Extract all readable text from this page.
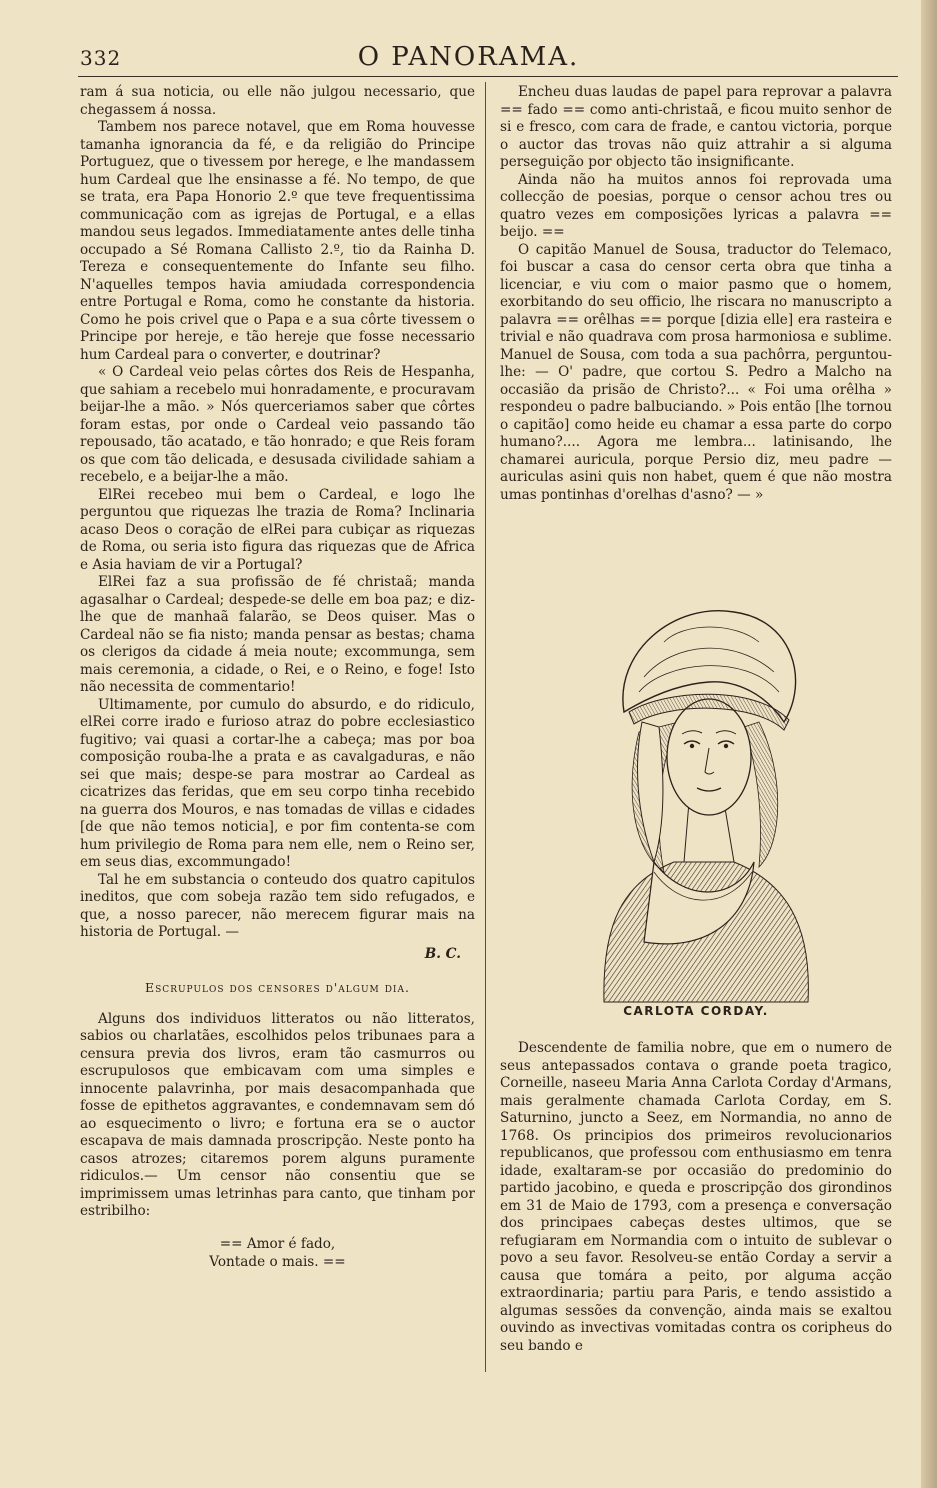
332	O PANORAMA.

ram á sua noticia, ou elle não julgou necessario, que chegassem á nossa.

Tambem nos parece notavel, que em Roma houvesse tamanha ignorancia da fé, e da religião do Principe Portuguez, que o tivessem por herege, e lhe mandassem hum Cardeal que lhe ensinasse a fé. No tempo, de que se trata, era Papa Honorio 2.º que teve frequentissima communicação com as igrejas de Portugal, e a ellas mandou seus legados. Immediatamente antes delle tinha occupado a Sé Romana Callisto 2.º, tio da Rainha D. Tereza e consequentemente do Infante seu filho. N'aquelles tempos havia amiudada correspondencia entre Portugal e Roma, como he constante da historia. Como he pois crivel que o Papa e a sua côrte tivessem o Principe por hereje, e tão hereje que fosse necessario hum Cardeal para o converter, e doutrinar?

« O Cardeal veio pelas côrtes dos Reis de Hespanha, que sahiam a recebelo mui honradamente, e procuravam beijar-lhe a mão. » Nós querceriamos saber que côrtes foram estas, por onde o Cardeal veio passando tão repousado, tão acatado, e tão honrado; e que Reis foram os que com tão delicada, e desusada civilidade sahiam a recebelo, e a beijar-lhe a mão.

ElRei recebeo mui bem o Cardeal, e logo lhe perguntou que riquezas lhe trazia de Roma? Inclinaria acaso Deos o coração de elRei para cubiçar as riquezas de Roma, ou seria isto figura das riquezas que de Africa e Asia haviam de vir a Portugal?

ElRei faz a sua profissão de fé christaã; manda agasalhar o Cardeal; despede-se delle em boa paz; e diz-lhe que de manhaã falarão, se Deos quiser. Mas o Cardeal não se fia nisto; manda pensar as bestas; chama os clerigos da cidade á meia noute; excommunga, sem mais ceremonia, a cidade, o Rei, e o Reino, e foge! Isto não necessita de commentario!

Ultimamente, por cumulo do absurdo, e do ridiculo, elRei corre irado e furioso atraz do pobre ecclesiastico fugitivo; vai quasi a cortar-lhe a cabeça; mas por boa composição rouba-lhe a prata e as cavalgaduras, e não sei que mais; despe-se para mostrar ao Cardeal as cicatrizes das feridas, que em seu corpo tinha recebido na guerra dos Mouros, e nas tomadas de villas e cidades [de que não temos noticia], e por fim contenta-se com hum privilegio de Roma para nem elle, nem o Reino ser, em seus dias, excommungado!

Tal he em substancia o conteudo dos quatro capitulos ineditos, que com sobeja razão tem sido refugados, e que, a nosso parecer, não merecem figurar mais na historia de Portugal. —

B. C.
Escrupulos dos censores d'algum dia.

Alguns dos individuos litteratos ou não litteratos, sabios ou charlatães, escolhidos pelos tribunaes para a censura previa dos livros, eram tão casmurros ou escrupulosos que embicavam com uma simples e innocente palavrinha, por mais desacompanhada que fosse de epithetos aggravantes, e condemnavam sem dó ao esquecimento o livro; e fortuna era se o auctor escapava de mais damnada proscripção. Neste ponto ha casos atrozes; citaremos porem alguns puramente ridiculos.— Um censor não consentiu que se imprimissem umas letrinhas para canto, que tinham por estribilho:

== Amor é fado,
Vontade o mais. ==

Encheu duas laudas de papel para reprovar a palavra == fado == como anti-christaã, e ficou muito senhor de si e fresco, com cara de frade, e cantou victoria, porque o auctor das trovas não quiz attrahir a si alguma perseguição por objecto tão insignificante.

Ainda não ha muitos annos foi reprovada uma collecção de poesias, porque o censor achou tres ou quatro vezes em composições lyricas a palavra == beijo. ==

O capitão Manuel de Sousa, traductor do Telemaco, foi buscar a casa do censor certa obra que tinha a licenciar, e viu com o maior pasmo que o homem, exorbitando do seu officio, lhe riscara no manuscripto a palavra == orêlhas == porque [dizia elle] era rasteira e trivial e não quadrava com prosa harmoniosa e sublime. Manuel de Sousa, com toda a sua pachôrra, perguntou-lhe: — O' padre, que cortou S. Pedro a Malcho na occasião da prisão de Christo?... « Foi uma orêlha » respondeu o padre balbuciando. » Pois então [lhe tornou o capitão] como heide eu chamar a essa parte do corpo humano?.... Agora me lembra... latinisando, lhe chamarei auricula, porque Persio diz, meu padre — auriculas asini quis non habet, quem é que não mostra umas pontinhas d'orelhas d'asno? — »

CARLOTA CORDAY.

Descendente de familia nobre, que em o numero de seus antepassados contava o grande poeta tragico, Corneille, naseeu Maria Anna Carlota Corday d'Armans, mais geralmente chamada Carlota Corday, em S. Saturnino, juncto a Seez, em Normandia, no anno de 1768. Os principios dos primeiros revolucionarios republicanos, que professou com enthusiasmo em tenra idade, exaltaram-se por occasião do predominio do partido jacobino, e queda e proscripção dos girondinos em 31 de Maio de 1793, com a presença e conversação dos principaes cabeças destes ultimos, que se refugiaram em Normandia com o intuito de sublevar o povo a seu favor. Resolveu-se então Corday a servir a causa que tomára a peito, por alguma acção extraordinaria; partiu para Paris, e tendo assistido a algumas sessões da convenção, ainda mais se exaltou ouvindo as invectivas vomitadas contra os coripheus do seu bando e
